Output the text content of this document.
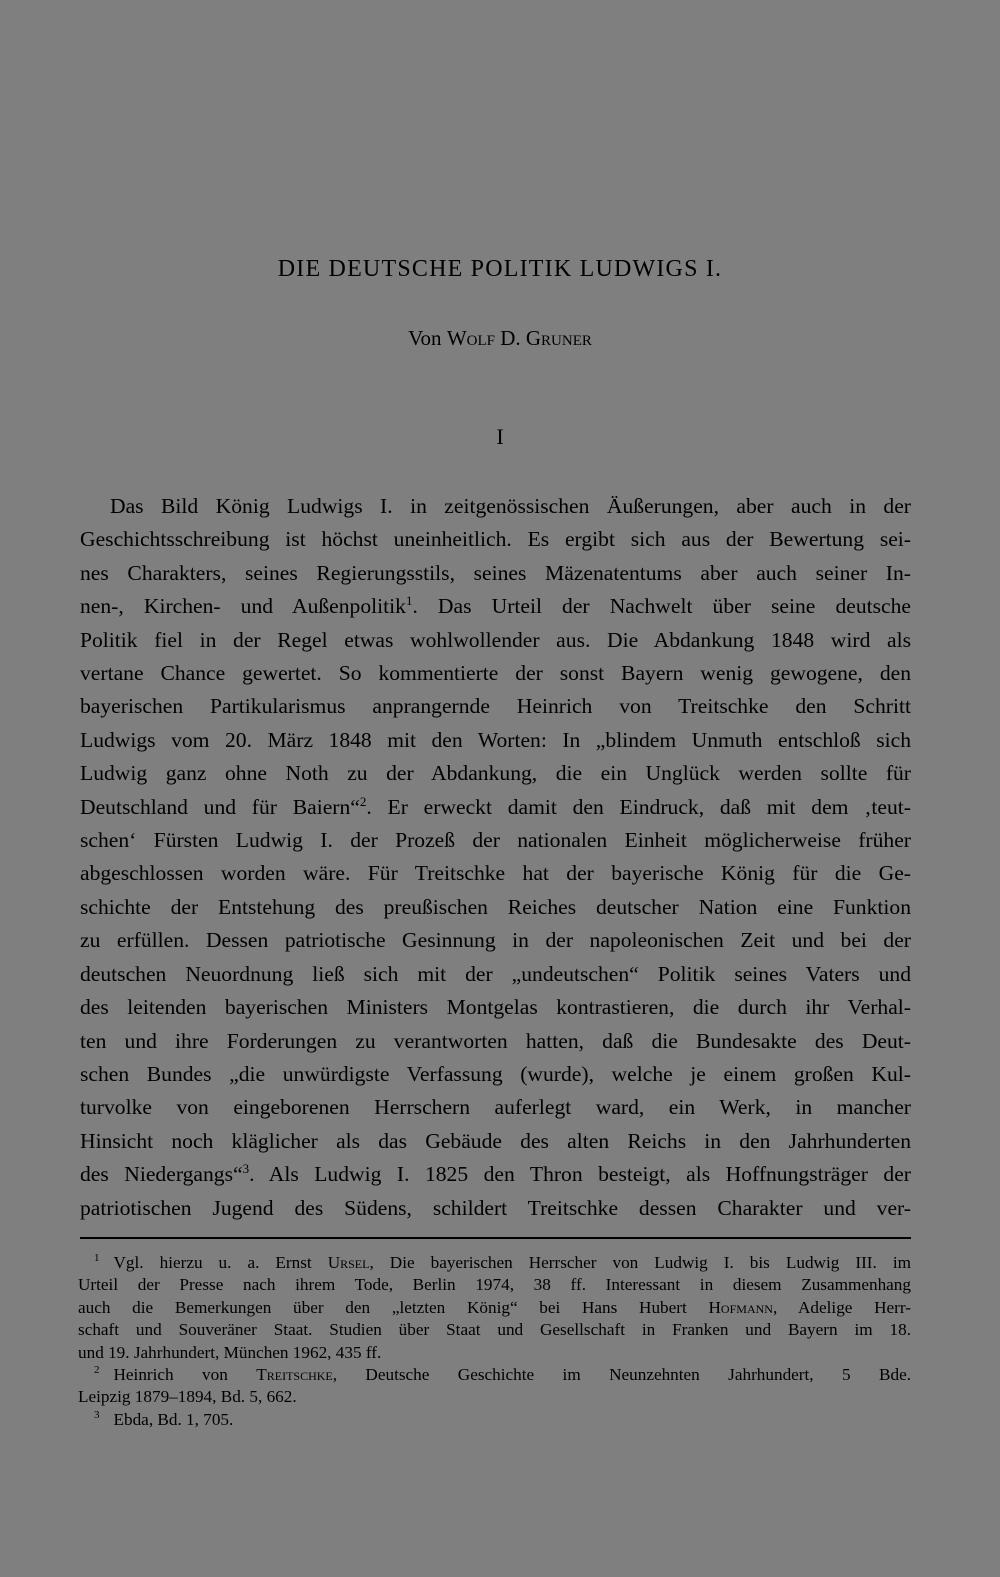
DIE DEUTSCHE POLITIK LUDWIGS I.
Von Wolf D. Gruner
I
Das Bild König Ludwigs I. in zeitgenössischen Äußerungen, aber auch in der
Geschichtsschreibung ist höchst uneinheitlich. Es ergibt sich aus der Bewertung sei-
nes Charakters, seines Regierungsstils, seines Mäzenatentums aber auch seiner In-
nen-, Kirchen- und Außenpolitik$^1$. Das Urteil der Nachwelt über seine deutsche
Politik fiel in der Regel etwas wohlwollender aus. Die Abdankung 1848 wird als
vertane Chance gewertet. So kommentierte der sonst Bayern wenig gewogene, den
bayerischen Partikularismus anprangernde Heinrich von Treitschke den Schritt
Ludwigs vom 20. März 1848 mit den Worten: In „blindem Unmuth entschloß sich
Ludwig ganz ohne Noth zu der Abdankung, die ein Unglück werden sollte für
Deutschland und für Baiern“$^2$. Er erweckt damit den Eindruck, daß mit dem ‚teut-
schen‘ Fürsten Ludwig I. der Prozeß der nationalen Einheit möglicherweise früher
abgeschlossen worden wäre. Für Treitschke hat der bayerische König für die Ge-
schichte der Entstehung des preußischen Reiches deutscher Nation eine Funktion
zu erfüllen. Dessen patriotische Gesinnung in der napoleonischen Zeit und bei der
deutschen Neuordnung ließ sich mit der „undeutschen“ Politik seines Vaters und
des leitenden bayerischen Ministers Montgelas kontrastieren, die durch ihr Verhal-
ten und ihre Forderungen zu verantworten hatten, daß die Bundesakte des Deut-
schen Bundes „die unwürdigste Verfassung (wurde), welche je einem großen Kul-
turvolke von eingeborenen Herrschern auferlegt ward, ein Werk, in mancher
Hinsicht noch kläglicher als das Gebäude des alten Reichs in den Jahrhunderten
des Niedergangs“$^3$. Als Ludwig I. 1825 den Thron besteigt, als Hoffnungsträger der
patriotischen Jugend des Südens, schildert Treitschke dessen Charakter und ver-
$^1$ Vgl. hierzu u. a. Ernst Ursel, Die bayerischen Herrscher von Ludwig I. bis Ludwig III. im
Urteil der Presse nach ihrem Tode, Berlin 1974, 38 ff. Interessant in diesem Zusammenhang
auch die Bemerkungen über den „letzten König“ bei Hans Hubert Hofmann, Adelige Herr-
schaft und Souveräner Staat. Studien über Staat und Gesellschaft in Franken und Bayern im 18.
und 19. Jahrhundert, München 1962, 435 ff.
$^2$ Heinrich von Treitschke, Deutsche Geschichte im Neunzehnten Jahrhundert, 5 Bde.
Leipzig 1879–1894, Bd. 5, 662.
$^3$ Ebda, Bd. 1, 705.
